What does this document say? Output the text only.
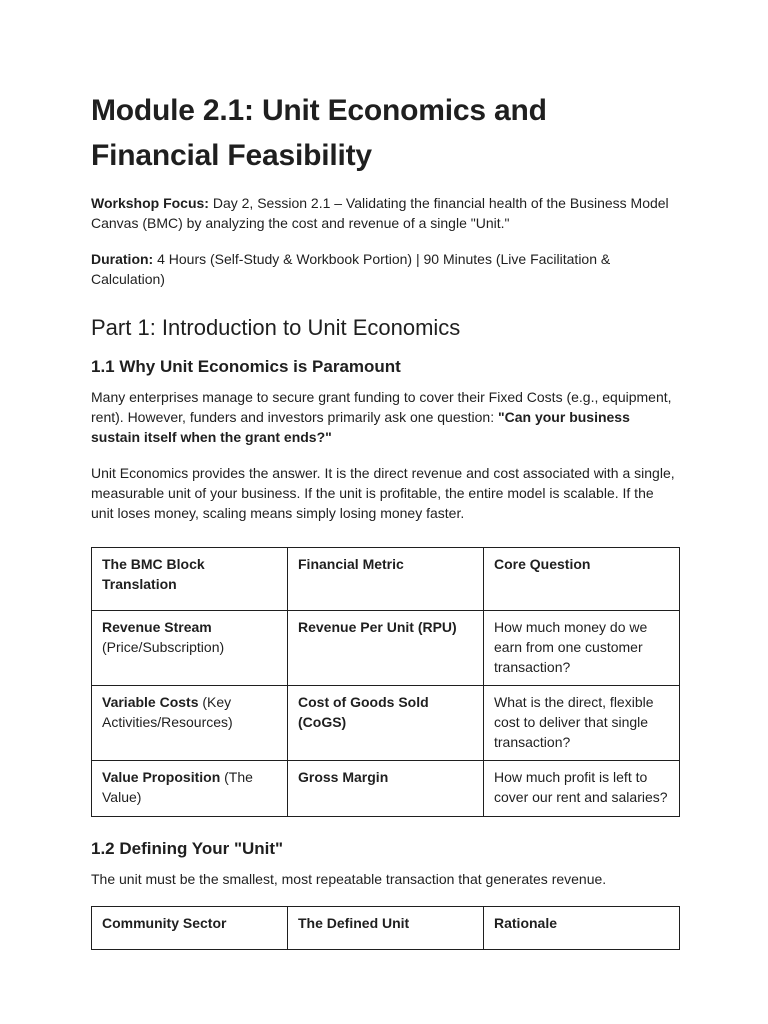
Module 2.1: Unit Economics and Financial Feasibility

Workshop Focus: Day 2, Session 2.1 – Validating the financial health of the Business Model Canvas (BMC) by analyzing the cost and revenue of a single "Unit."

Duration: 4 Hours (Self-Study & Workbook Portion) | 90 Minutes (Live Facilitation & Calculation)

Part 1: Introduction to Unit Economics
1.1 Why Unit Economics is Paramount

Many enterprises manage to secure grant funding to cover their Fixed Costs (e.g., equipment, rent). However, funders and investors primarily ask one question: "Can your business sustain itself when the grant ends?"

Unit Economics provides the answer. It is the direct revenue and cost associated with a single, measurable unit of your business. If the unit is profitable, the entire model is scalable. If the unit loses money, scaling means simply losing money faster.

The BMC Block Translation	Financial Metric	Core Question
Revenue Stream (Price/Subscription)	Revenue Per Unit (RPU)	How much money do we earn from one customer transaction?
Variable Costs (Key Activities/Resources)	Cost of Goods Sold (CoGS)	What is the direct, flexible cost to deliver that single transaction?
Value Proposition (The Value)	Gross Margin	How much profit is left to cover our rent and salaries?
1.2 Defining Your "Unit"

The unit must be the smallest, most repeatable transaction that generates revenue.

Community Sector	The Defined Unit	Rationale
